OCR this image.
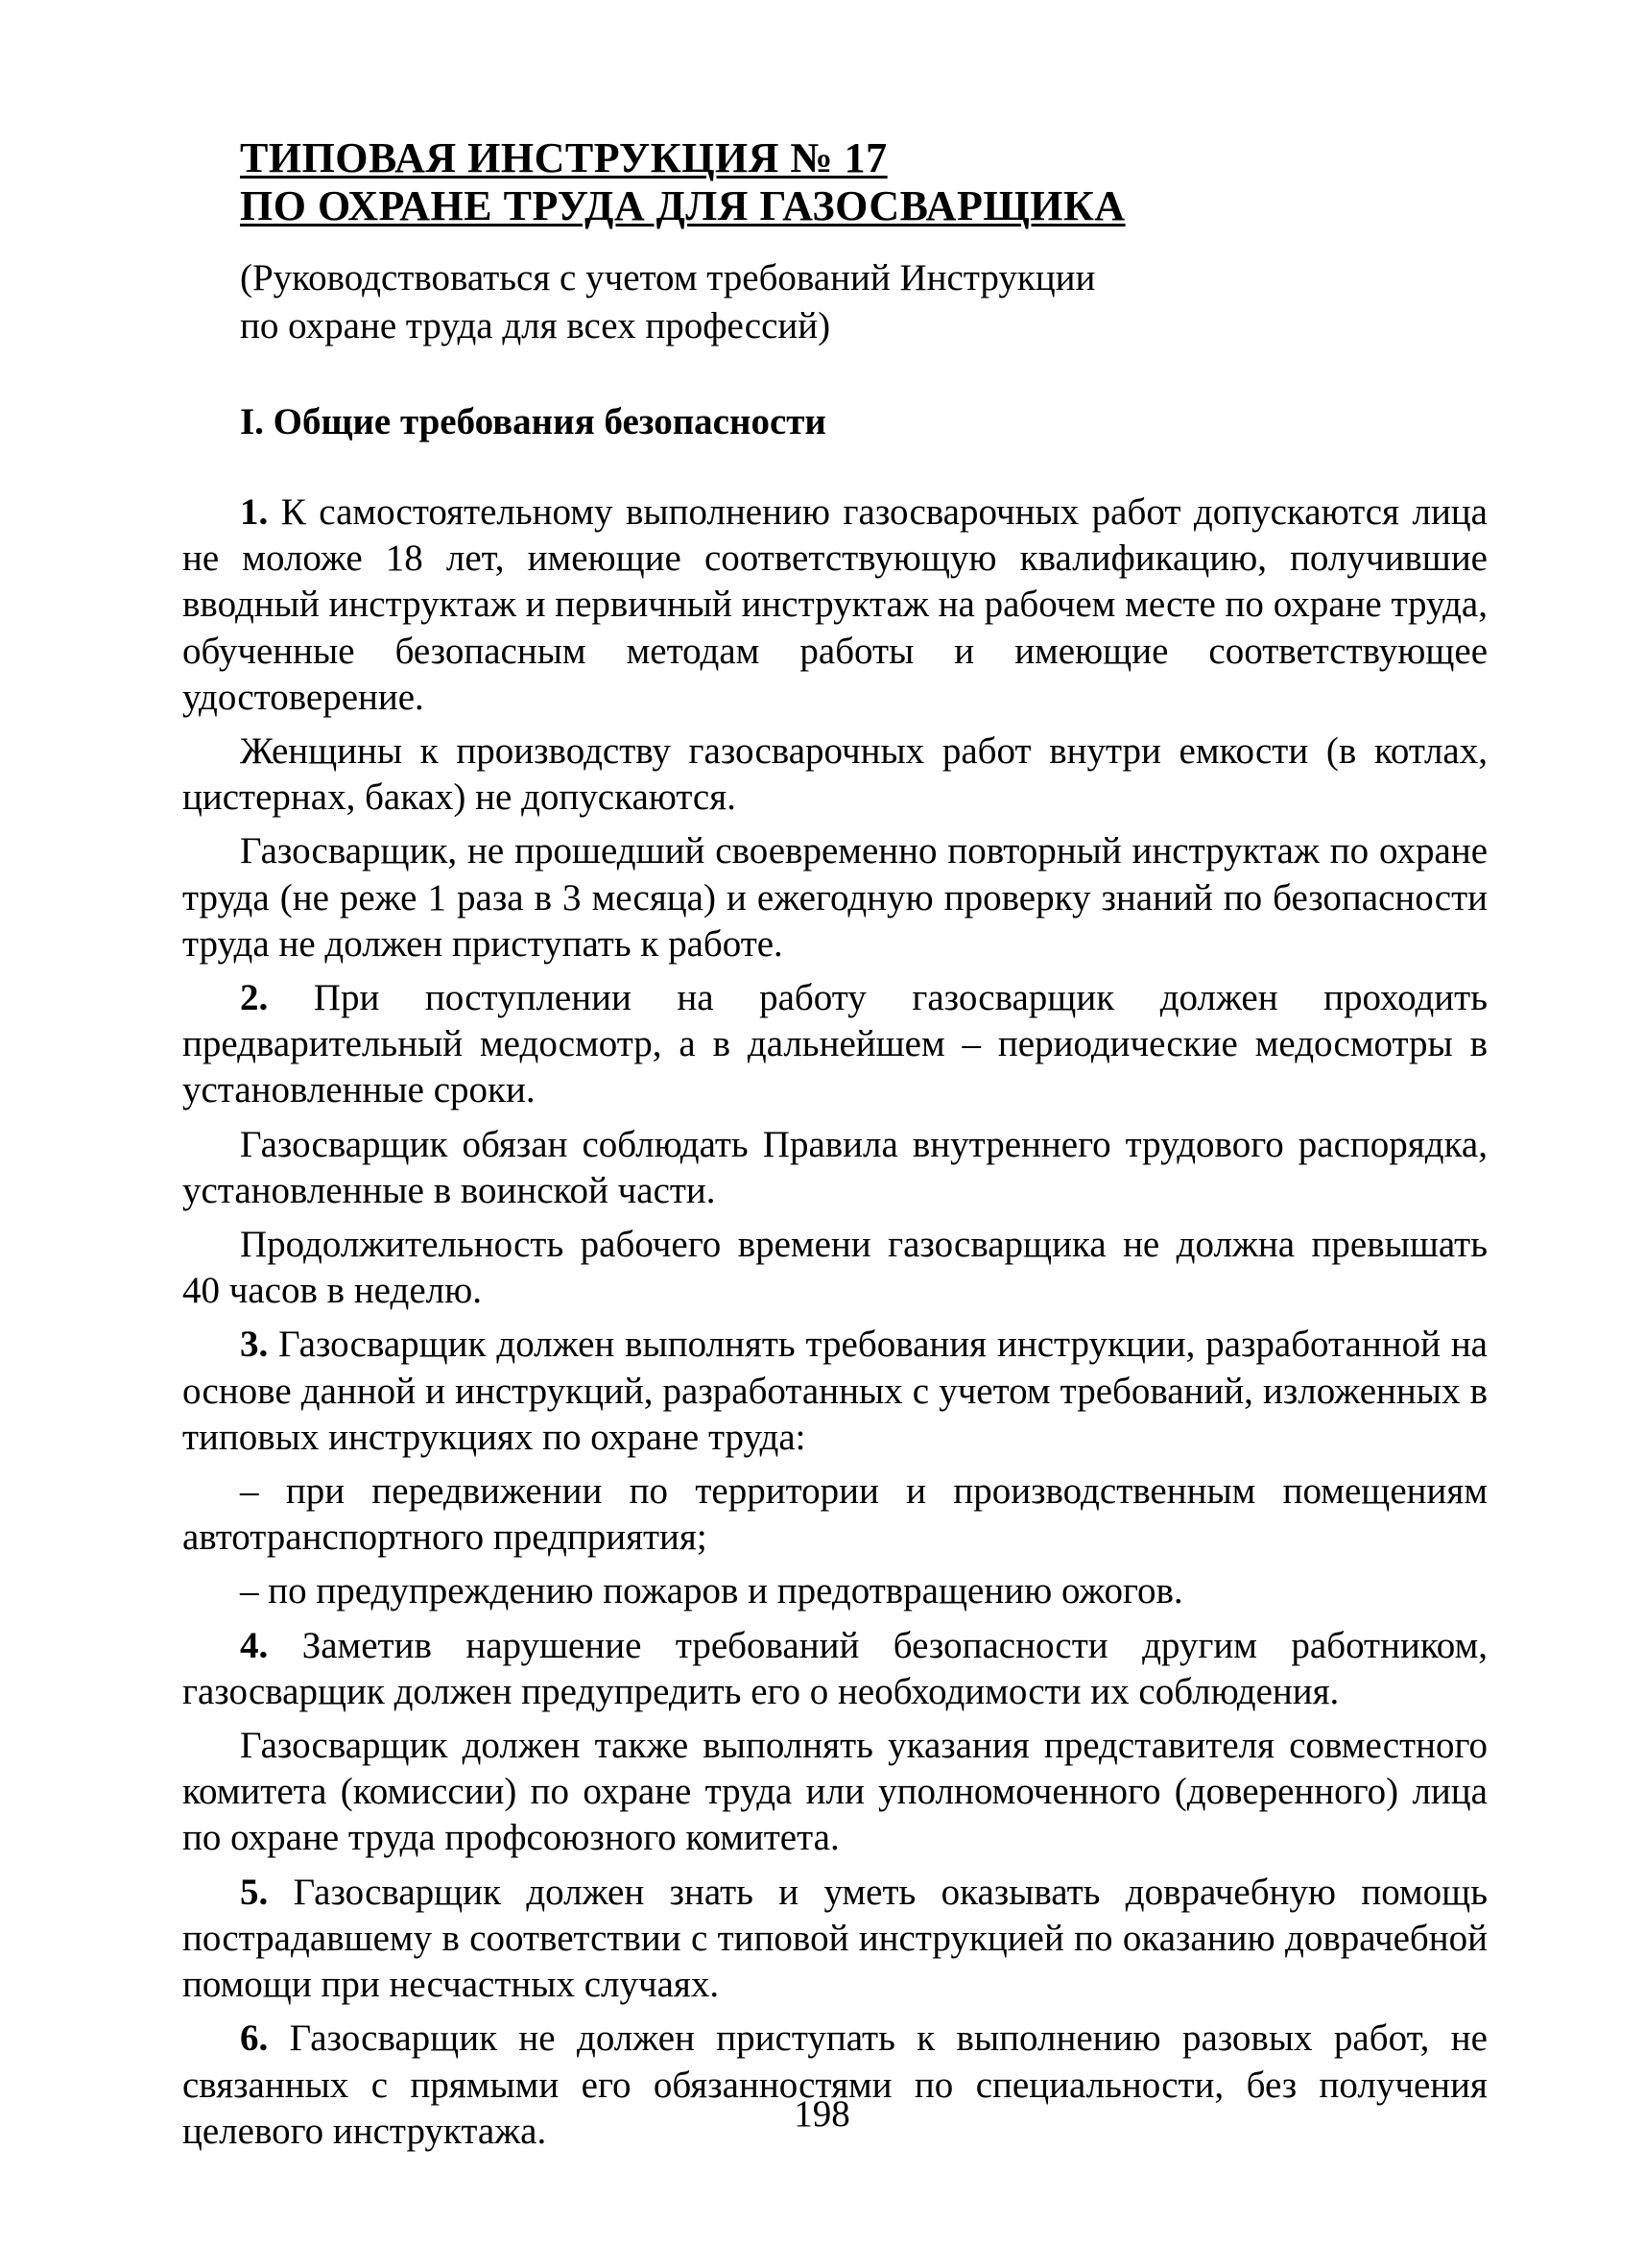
ТИПОВАЯ ИНСТРУКЦИЯ № 17
ПО ОХРАНЕ ТРУДА ДЛЯ ГАЗОСВАРЩИКА
(Руководствоваться с учетом требований Инструкции
по охране труда для всех профессий)
I. Общие требования безопасности

1. К самостоятельному выполнению газосварочных работ допускаются лица не моложе 18 лет, имеющие соответствующую квалификацию, получившие вводный инструктаж и первичный инструктаж на рабочем месте по охране труда, обученные безопасным методам работы и имеющие соответствующее удостоверение.

Женщины к производству газосварочных работ внутри емкости (в котлах, цистернах, баках) не допускаются.

Газосварщик, не прошедший своевременно повторный инструктаж по охране труда (не реже 1 раза в 3 месяца) и ежегодную проверку знаний по безопасности труда не должен приступать к работе.

2. При поступлении на работу газосварщик должен проходить предварительный медосмотр, а в дальнейшем – периодические медосмотры в установленные сроки.

Газосварщик обязан соблюдать Правила внутреннего трудового распорядка, установленные в воинской части.

Продолжительность рабочего времени газосварщика не должна превышать 40 часов в неделю.

3. Газосварщик должен выполнять требования инструкции, разработанной на основе данной и инструкций, разработанных с учетом требований, изложенных в типовых инструкциях по охране труда:

– при передвижении по территории и производственным помещениям автотранспортного предприятия;

– по предупреждению пожаров и предотвращению ожогов.

4. Заметив нарушение требований безопасности другим работником, газосварщик должен предупредить его о необходимости их соблюдения.

Газосварщик должен также выполнять указания представителя совместного комитета (комиссии) по охране труда или уполномоченного (доверенного) лица по охране труда профсоюзного комитета.

5. Газосварщик должен знать и уметь оказывать доврачебную помощь пострадавшему в соответствии с типовой инструкцией по оказанию доврачебной помощи при несчастных случаях.

6. Газосварщик не должен приступать к выполнению разовых работ, не связанных с прямыми его обязанностями по специальности, без получения целевого инструктажа.	198
